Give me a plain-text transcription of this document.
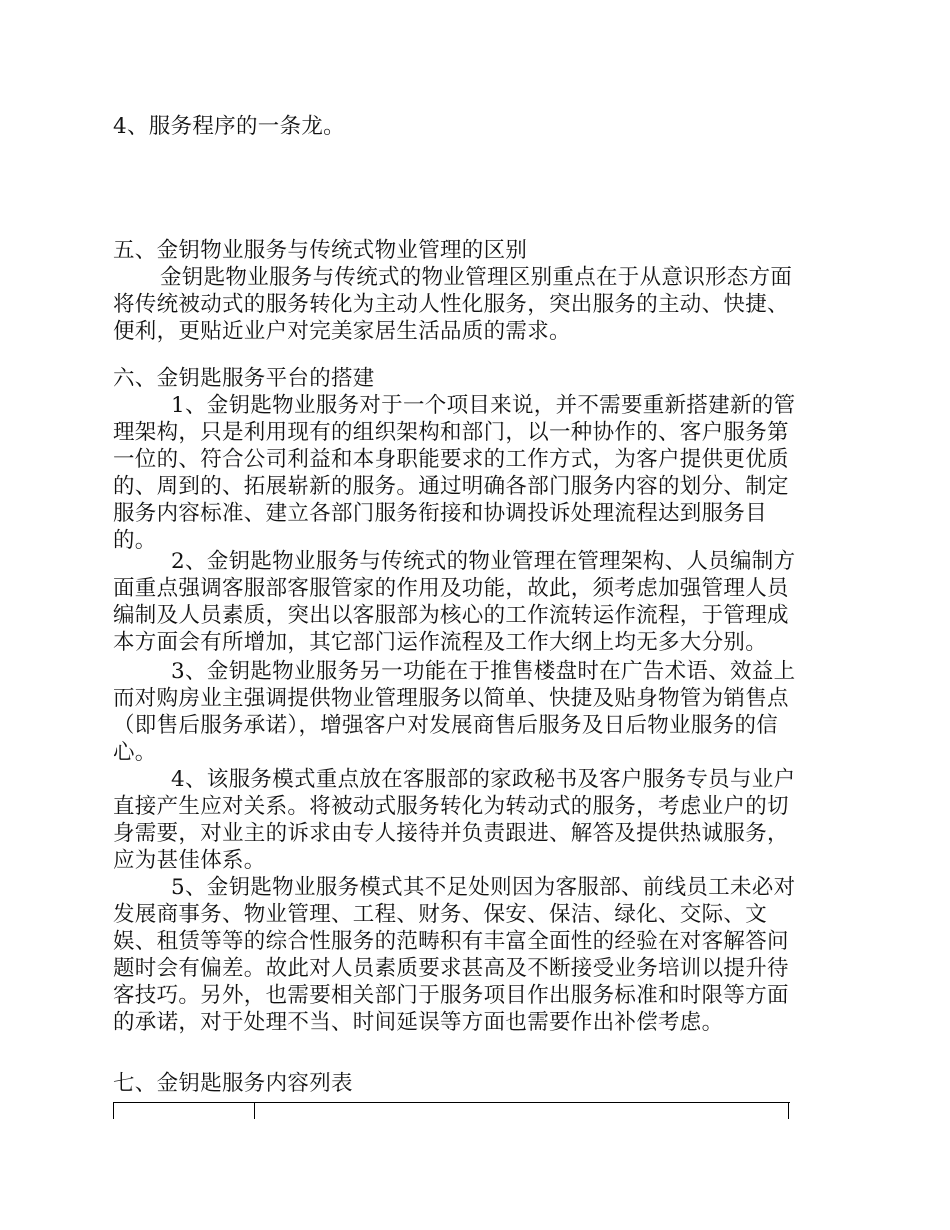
4、服务程序的一条龙。
五、金钥物业服务与传统式物业管理的区别
金钥匙物业服务与传统式的物业管理区别重点在于从意识形态方面
将传统被动式的服务转化为主动人性化服务，突出服务的主动、快捷、
便利，更贴近业户对完美家居生活品质的需求。
六、金钥匙服务平台的搭建
1、金钥匙物业服务对于一个项目来说，并不需要重新搭建新的管
理架构，只是利用现有的组织架构和部门，以一种协作的、客户服务第
一位的、符合公司利益和本身职能要求的工作方式，为客户提供更优质
的、周到的、拓展崭新的服务。通过明确各部门服务内容的划分、制定
服务内容标准、建立各部门服务衔接和协调投诉处理流程达到服务目
的。
2、金钥匙物业服务与传统式的物业管理在管理架构、人员编制方
面重点强调客服部客服管家的作用及功能，故此，须考虑加强管理人员
编制及人员素质，突出以客服部为核心的工作流转运作流程，于管理成
本方面会有所增加，其它部门运作流程及工作大纲上均无多大分别。
3、金钥匙物业服务另一功能在于推售楼盘时在广告术语、效益上
而对购房业主强调提供物业管理服务以简单、快捷及贴身物管为销售点
（即售后服务承诺），增强客户对发展商售后服务及日后物业服务的信
心。
4、该服务模式重点放在客服部的家政秘书及客户服务专员与业户
直接产生应对关系。将被动式服务转化为转动式的服务，考虑业户的切
身需要，对业主的诉求由专人接待并负责跟进、解答及提供热诚服务，
应为甚佳体系。
5、金钥匙物业服务模式其不足处则因为客服部、前线员工未必对
发展商事务、物业管理、工程、财务、保安、保洁、绿化、交际、文
娱、租赁等等的综合性服务的范畴积有丰富全面性的经验在对客解答问
题时会有偏差。故此对人员素质要求甚高及不断接受业务培训以提升待
客技巧。另外，也需要相关部门于服务项目作出服务标准和时限等方面
的承诺，对于处理不当、时间延误等方面也需要作出补偿考虑。
七、金钥匙服务内容列表
